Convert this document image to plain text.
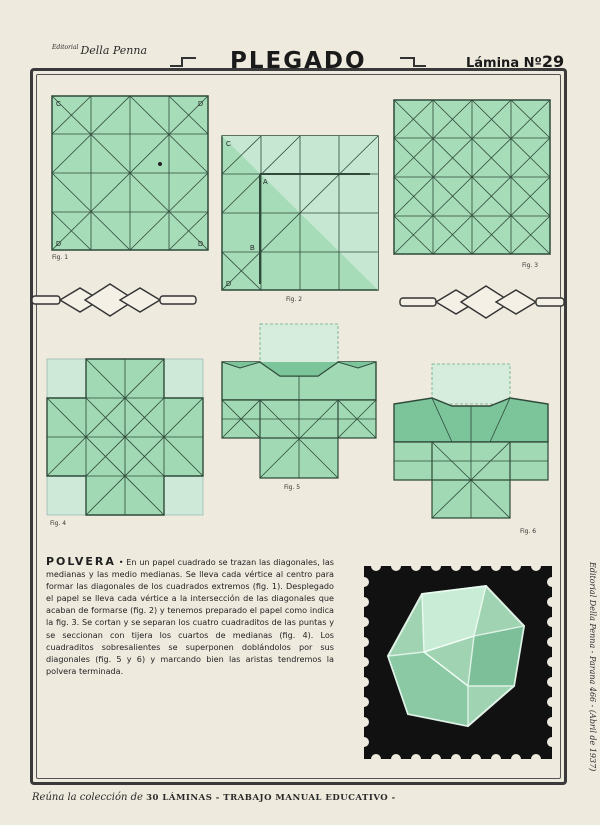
$^{Editorial}$ Della Penna	PLEGADO	Lámina Nº29
C	D
D	D
Fig. 1
C
A
B
D
Fig. 2
Fig. 3
Fig. 4
Fig. 5
Fig. 6
POLVERA • En un papel cuadrado se trazan las diagonales, las medianas y las medio medianas. Se lleva cada vértice al centro para formar las diagonales de los cuadrados extremos (fig. 1). Desplegado el papel se lleva cada vértice a la intersección de las diagonales que acaban de formarse (fig. 2) y tenemos preparado el papel como indica la fig. 3. Se cortan y se separan los cuatro cuadraditos de las puntas y se seccionan con tijera los cuartos de medianas (fig. 4). Los cuadraditos sobresalientes se superponen doblándolos por sus diagonales (fig. 5 y 6) y marcando bien las aristas tendremos la polvera terminada.	Editorial Della Penna - Parana 466 - (Abril de 1937)
Reúna la colección de 30 LÁMINAS - TRABAJO MANUAL EDUCATIVO -
